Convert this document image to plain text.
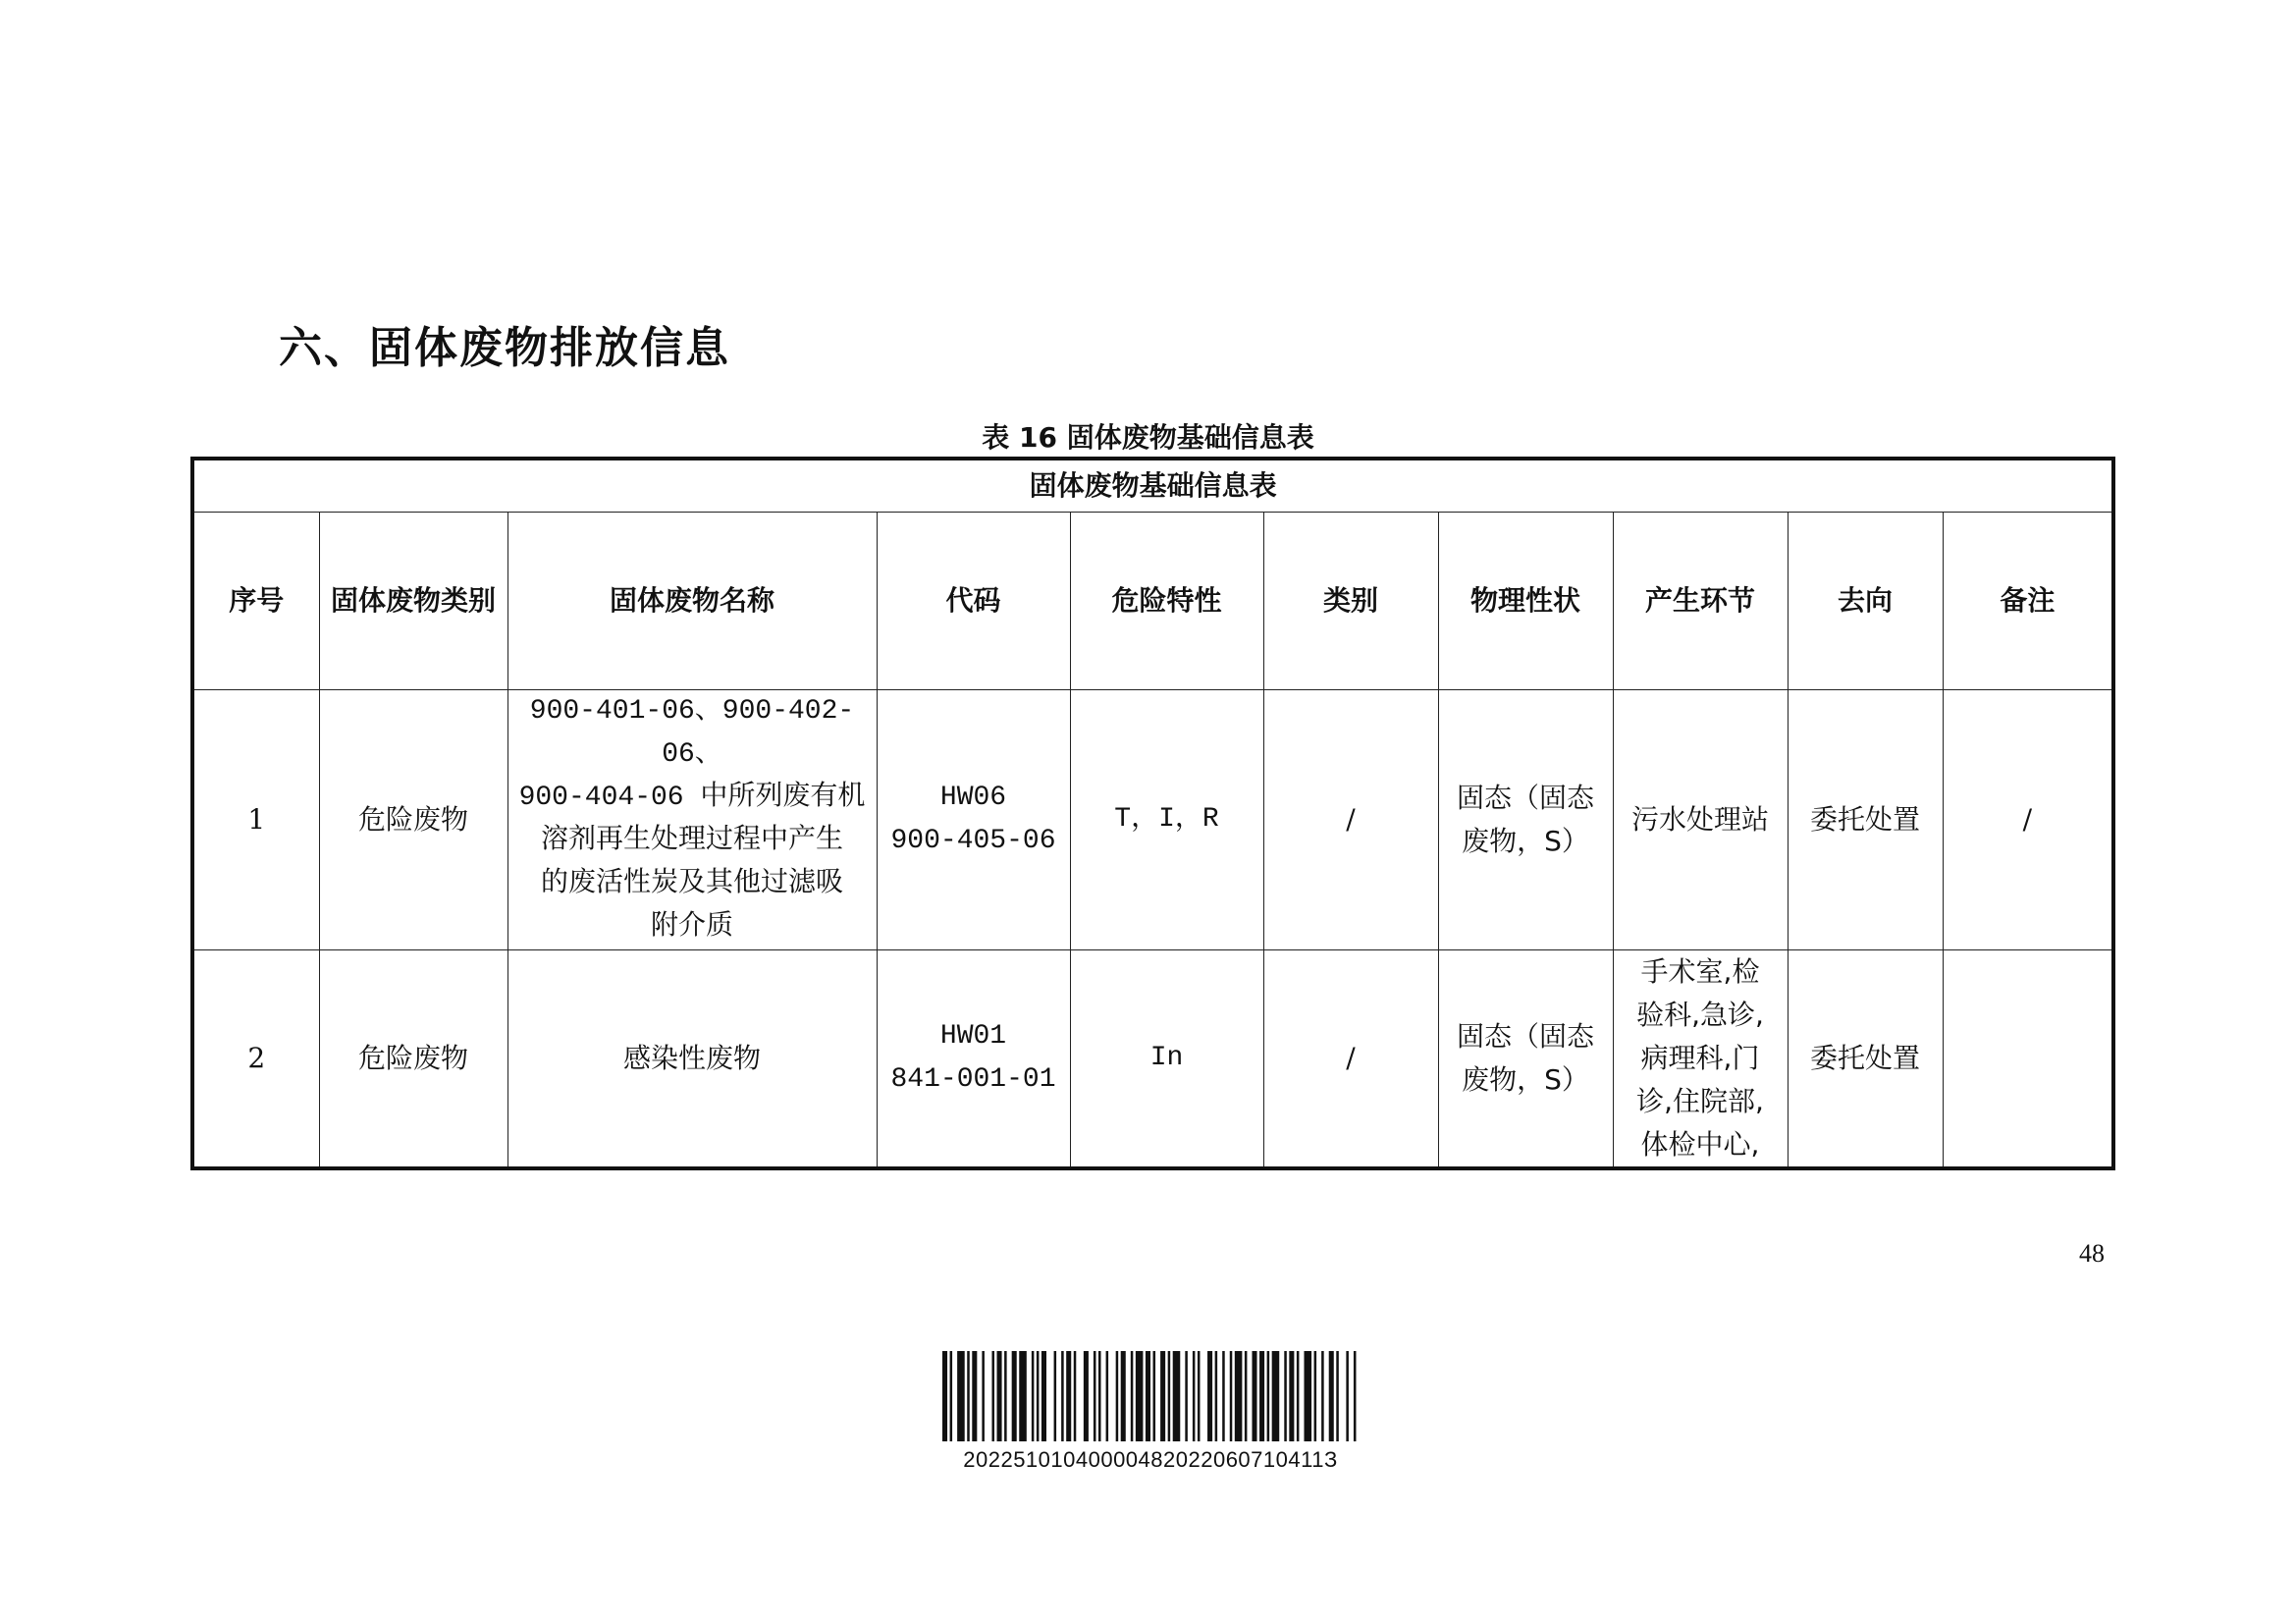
六、固体废物排放信息
表 16 固体废物基础信息表
固体废物基础信息表									
序号	固体废物类别	固体废物名称	代码	危险特性	类别	物理性状	产生环节	去向	备注
1	危险废物	900-401-06、900-402-06、
900-404-06 中所列废有机
溶剂再生处理过程中产生
的废活性炭及其他过滤吸
附介质	HW06
900-405-06	T，I，R	/	固态（固态
废物，S）	污水处理站	委托处置	/
2	危险废物	感染性废物	HW01
841-001-01	In	/	固态（固态
废物，S）	手术室,检
验科,急诊,
病理科,门
诊,住院部,
体检中心,	委托处置	
48
20225101040000482022060710411З
